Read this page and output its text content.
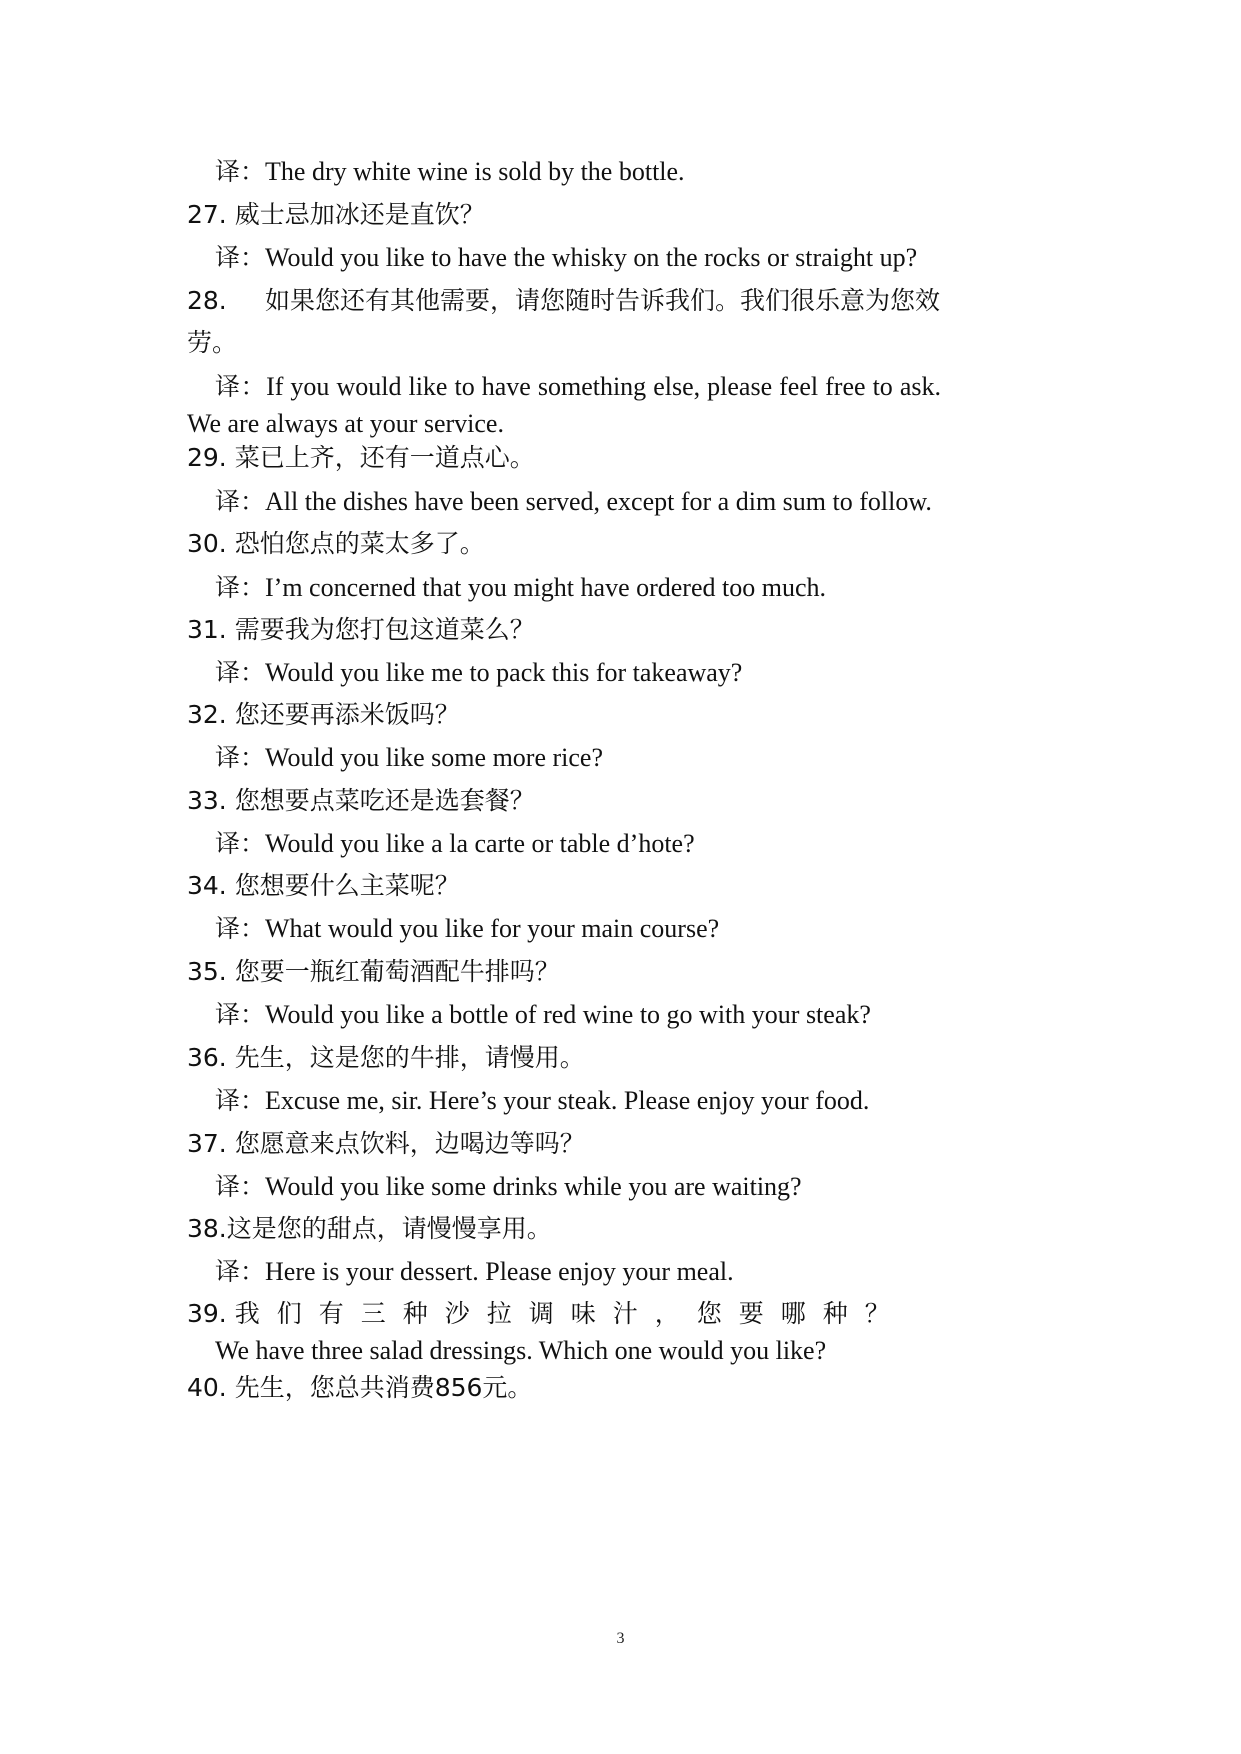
译：The dry white wine is sold by the bottle.
27. 威士忌加冰还是直饮？
译：Would you like to have the whisky on the rocks or straight up?
28. 如果您还有其他需要，请您随时告诉我们。我们很乐意为您效
劳。
译：If you would like to have something else, please feel free to ask.
We are always at your service.
29. 菜已上齐，还有一道点心。
译：All the dishes have been served, except for a dim sum to follow.
30. 恐怕您点的菜太多了。
译：I’m concerned that you might have ordered too much.
31. 需要我为您打包这道菜么？
译：Would you like me to pack this for takeaway?
32. 您还要再添米饭吗？
译：Would you like some more rice?
33. 您想要点菜吃还是选套餐？
译：Would you like a la carte or table d’hote?
34. 您想要什么主菜呢？
译：What would you like for your main course?
35. 您要一瓶红葡萄酒配牛排吗？
译：Would you like a bottle of red wine to go with your steak?
36. 先生，这是您的牛排，请慢用。
译：Excuse me, sir. Here’s your steak. Please enjoy your food.
37. 您愿意来点饮料，边喝边等吗？
译：Would you like some drinks while you are waiting?
38.这是您的甜点，请慢慢享用。
译：Here is your dessert. Please enjoy your meal.
39. 我们有三种沙拉调味汁，您要哪种？
We have three salad dressings. Which one would you like?
40. 先生，您总共消费856元。
3
